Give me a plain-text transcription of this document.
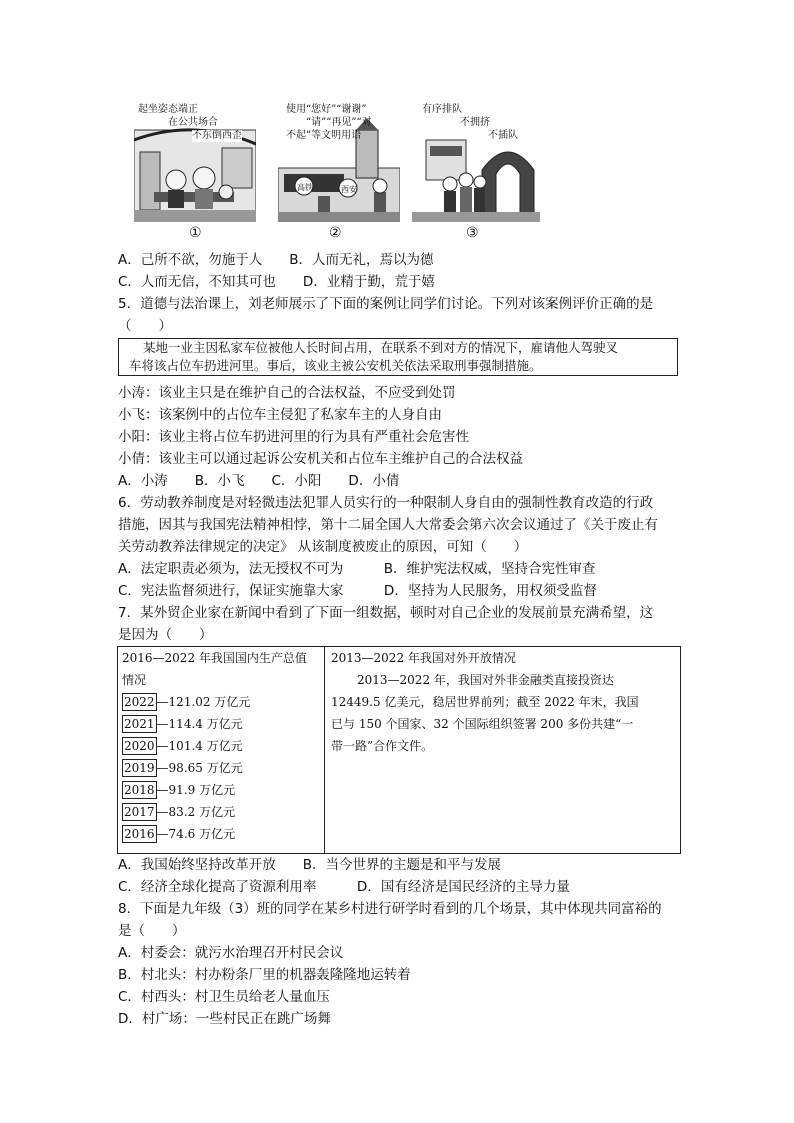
起坐姿态端正
在公共场合
不东倒西歪
使用“您好”“谢谢”
“请”“再见”“对
不起”等文明用语
高铁	西安
有序排队
不拥挤
不插队
①	②	③
A．己所不欲，勿施于人　　B．人而无礼，焉以为德
C．人而无信，不知其可也　　D．业精于勤，荒于嬉
5．道德与法治课上，刘老师展示了下面的案例让同学们讨论。下列对该案例评价正确的是
（　　）
某地一业主因私家车位被他人长时间占用，在联系不到对方的情况下，雇请他人驾驶叉
车将该占位车扔进河里。事后，该业主被公安机关依法采取刑事强制措施。
小涛：该业主只是在维护自己的合法权益，不应受到处罚
小飞：该案例中的占位车主侵犯了私家车主的人身自由
小阳：该业主将占位车扔进河里的行为具有严重社会危害性
小倩：该业主可以通过起诉公安机关和占位车主维护自己的合法权益
A．小涛　　B．小飞　　C．小阳　　D．小倩
6．劳动教养制度是对轻微违法犯罪人员实行的一种限制人身自由的强制性教育改造的行政
措施，因其与我国宪法精神相悖，第十二届全国人大常委会第六次会议通过了《关于废止有
关劳动教养法律规定的决定》 从该制度被废止的原因，可知（　　）
A．法定职责必须为，法无授权不可为　　　B．维护宪法权威，坚持合宪性审查
C．宪法监督须进行，保证实施靠大家　　　D．坚持为人民服务，用权须受监督
7．某外贸企业家在新闻中看到了下面一组数据，顿时对自己企业的发展前景充满希望，这
是因为（　　）
2016—2022 年我国国内生产总值
情况
2022 —121.02 万亿元
2021 —114.4 万亿元
2020 —101.4 万亿元
2019 —98.65 万亿元
2018 —91.9 万亿元
2017 —83.2 万亿元
2016 —74.6 万亿元
2013—2022 年我国对外开放情况
2013—2022 年，我国对外非金融类直接投资达
12449.5 亿美元，稳居世界前列；截至 2022 年末，我国
已与 150 个国家、32 个国际组织签署 200 多份共建“一
带一路”合作文件。
A．我国始终坚持改革开放　　B．当今世界的主题是和平与发展
C．经济全球化提高了资源利用率　　　D．国有经济是国民经济的主导力量
8．下面是九年级（3）班的同学在某乡村进行研学时看到的几个场景，其中体现共同富裕的
是（　　）
A．村委会：就污水治理召开村民会议
B．村北头：村办粉条厂里的机器轰隆隆地运转着
C．村西头：村卫生员给老人量血压
D．村广场：一些村民正在跳广场舞
